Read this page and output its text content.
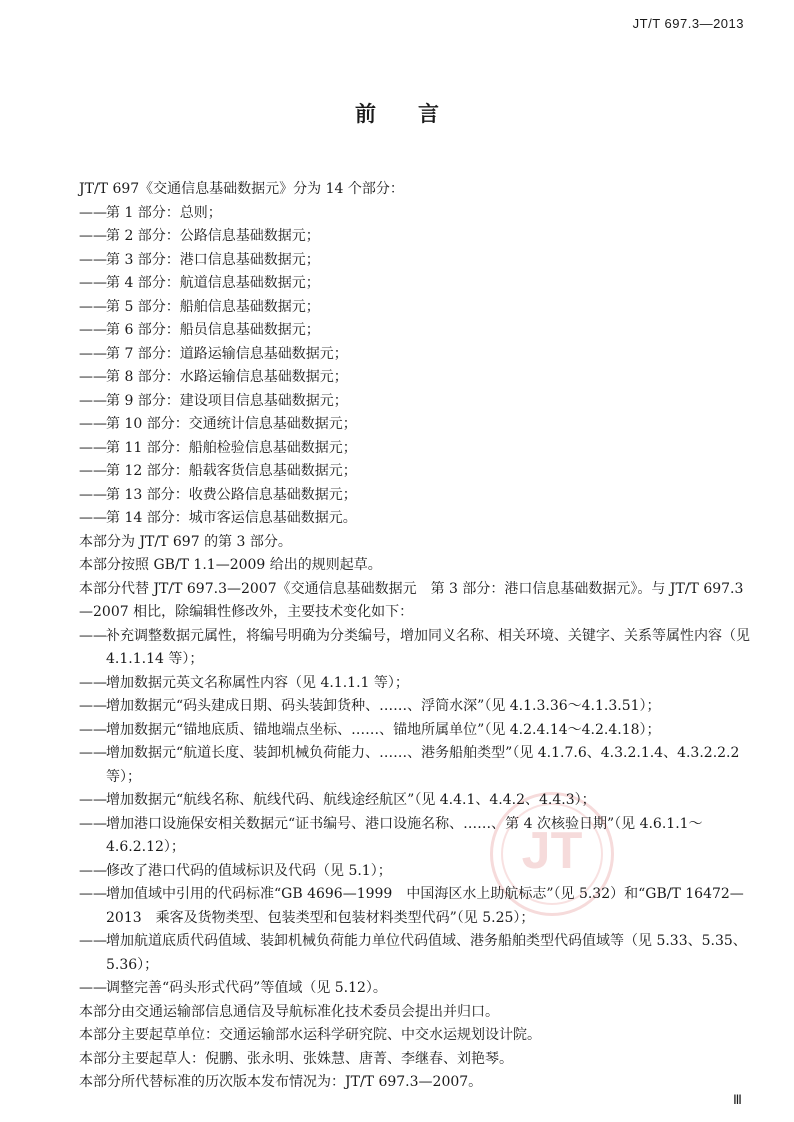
JT/T 697.3—2013
前言
JT

JT/T 697《交通信息基础数据元》分为 14 个部分：

——第 1 部分：总则；

——第 2 部分：公路信息基础数据元；

——第 3 部分：港口信息基础数据元；

——第 4 部分：航道信息基础数据元；

——第 5 部分：船舶信息基础数据元；

——第 6 部分：船员信息基础数据元；

——第 7 部分：道路运输信息基础数据元；

——第 8 部分：水路运输信息基础数据元；

——第 9 部分：建设项目信息基础数据元；

——第 10 部分：交通统计信息基础数据元；

——第 11 部分：船舶检验信息基础数据元；

——第 12 部分：船载客货信息基础数据元；

——第 13 部分：收费公路信息基础数据元；

——第 14 部分：城市客运信息基础数据元。

本部分为 JT/T 697 的第 3 部分。

本部分按照 GB/T 1.1—2009 给出的规则起草。

本部分代替 JT/T 697.3—2007《交通信息基础数据元　第 3 部分：港口信息基础数据元》。与 JT/T 697.3—2007 相比，除编辑性修改外，主要技术变化如下：

——补充调整数据元属性，将编号明确为分类编号，增加同义名称、相关环境、关键字、关系等属性内容（见 4.1.1.14 等）；

——增加数据元英文名称属性内容（见 4.1.1.1 等）；

——增加数据元“码头建成日期、码头装卸货种、……、浮筒水深”（见 4.1.3.36～4.1.3.51）；

——增加数据元“锚地底质、锚地端点坐标、……、锚地所属单位”（见 4.2.4.14～4.2.4.18）；

——增加数据元“航道长度、装卸机械负荷能力、……、港务船舶类型”（见 4.1.7.6、4.3.2.1.4、4.3.2.2.2 等）；

——增加数据元“航线名称、航线代码、航线途经航区”（见 4.4.1、4.4.2、4.4.3）；

——增加港口设施保安相关数据元“证书编号、港口设施名称、……、第 4 次核验日期”（见 4.6.1.1～4.6.2.12）；

——修改了港口代码的值域标识及代码（见 5.1）；

——增加值域中引用的代码标准“GB 4696—1999　中国海区水上助航标志”（见 5.32）和“GB/T 16472—2013　乘客及货物类型、包装类型和包装材料类型代码”（见 5.25）；

——增加航道底质代码值域、装卸机械负荷能力单位代码值域、港务船舶类型代码值域等（见 5.33、5.35、5.36）；

——调整完善“码头形式代码”等值域（见 5.12）。

本部分由交通运输部信息通信及导航标准化技术委员会提出并归口。

本部分主要起草单位：交通运输部水运科学研究院、中交水运规划设计院。

本部分主要起草人：倪鹏、张永明、张姝慧、唐菁、李继春、刘艳琴。

本部分所代替标准的历次版本发布情况为：JT/T 697.3—2007。

Ⅲ
